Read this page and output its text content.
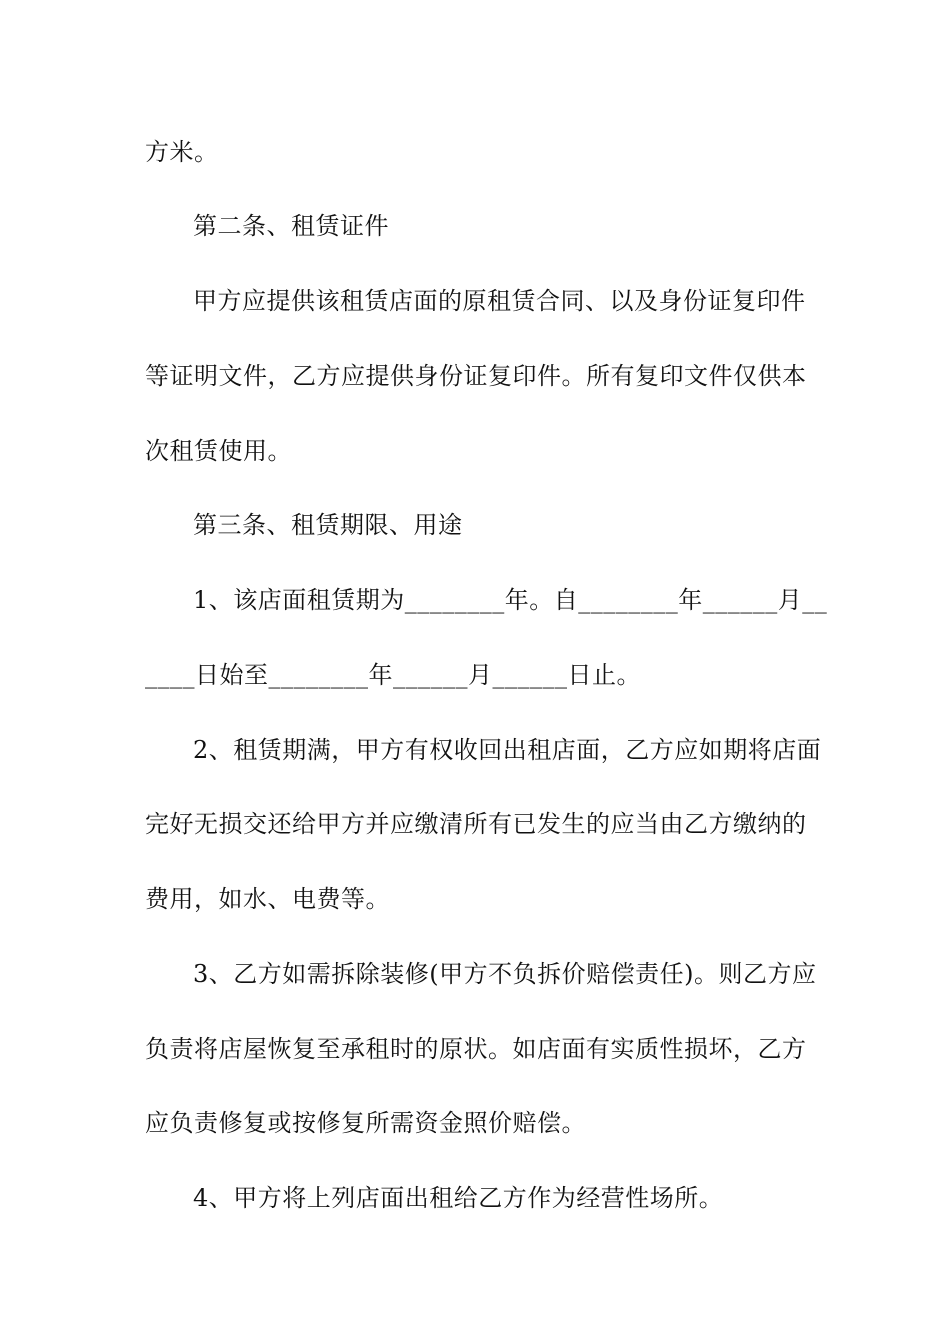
方米。
第二条、租赁证件
甲方应提供该租赁店面的原租赁合同、以及身份证复印件
等证明文件，乙方应提供身份证复印件。所有复印文件仅供本
次租赁使用。
第三条、租赁期限、用途
1、该店面租赁期为________年。自________年______月__
____日始至________年______月______日止。
2、租赁期满，甲方有权收回出租店面，乙方应如期将店面
完好无损交还给甲方并应缴清所有已发生的应当由乙方缴纳的
费用，如水、电费等。
3、乙方如需拆除装修(甲方不负拆价赔偿责任)。则乙方应
负责将店屋恢复至承租时的原状。如店面有实质性损坏，乙方
应负责修复或按修复所需资金照价赔偿。
4、甲方将上列店面出租给乙方作为经营性场所。
